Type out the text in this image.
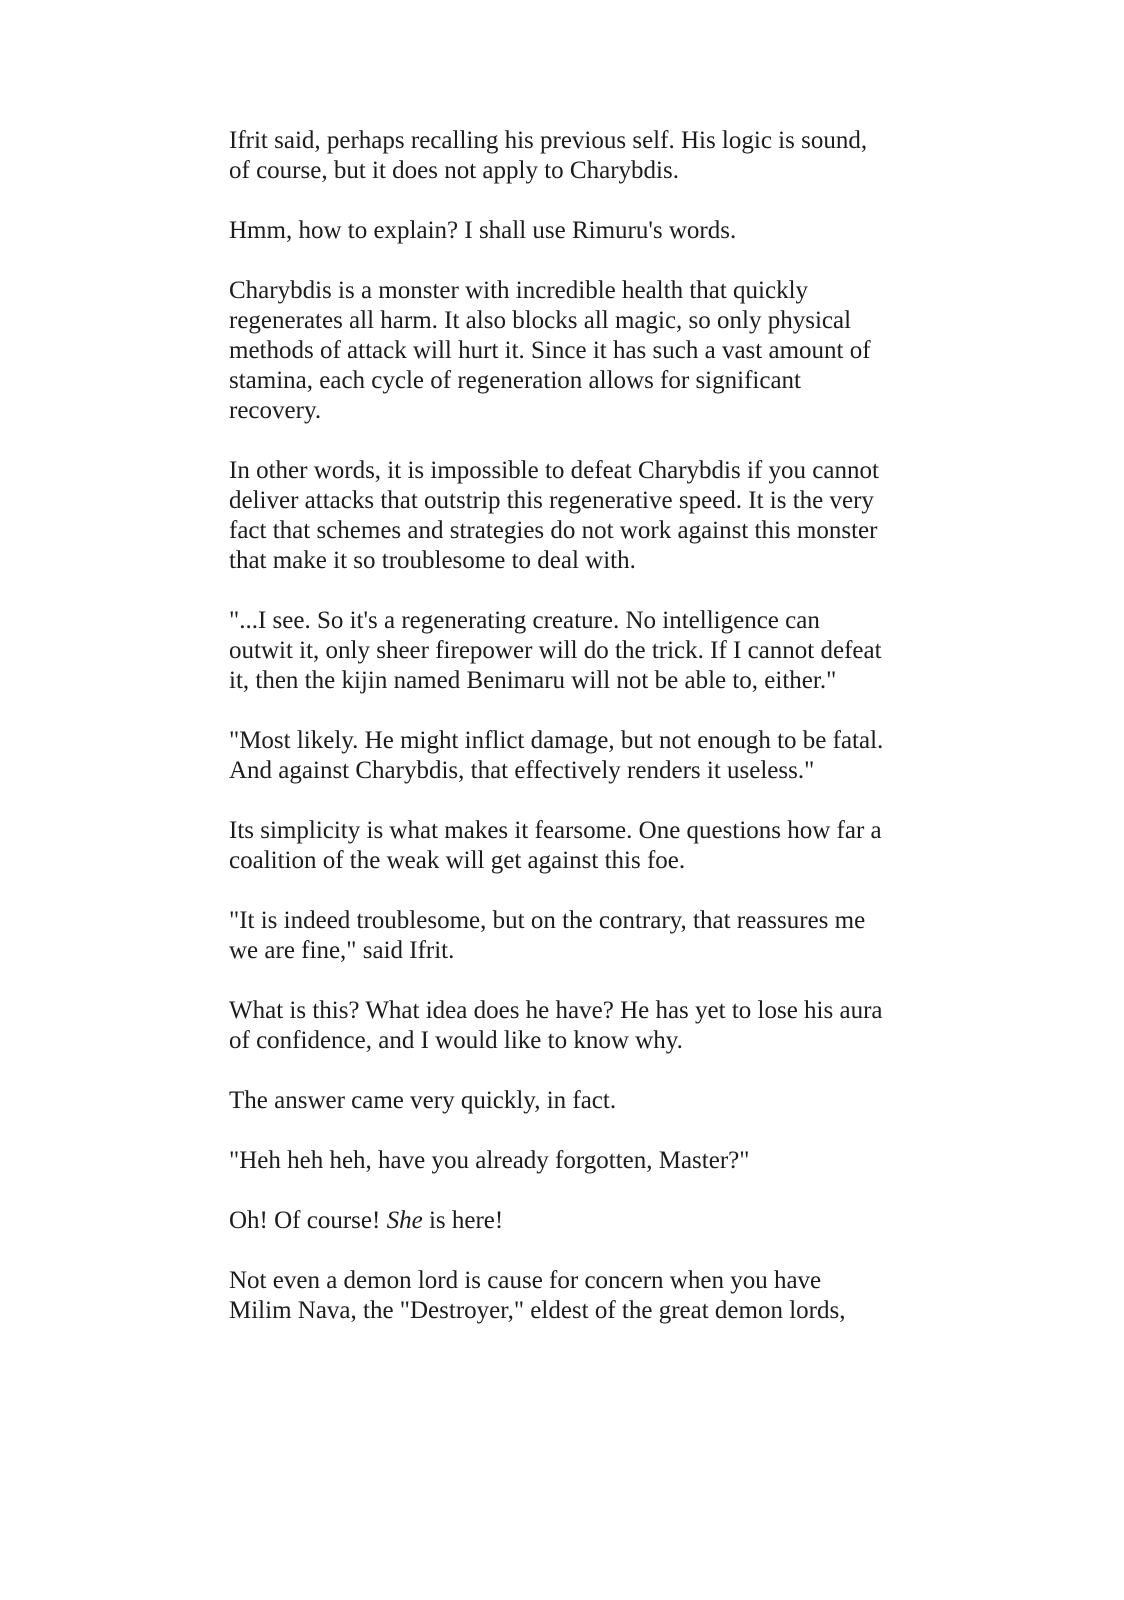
Ifrit said, perhaps recalling his previous self. His logic is sound, of course, but it does not apply to Charybdis.

Hmm, how to explain? I shall use Rimuru's words.

Charybdis is a monster with incredible health that quickly regenerates all harm. It also blocks all magic, so only physical methods of attack will hurt it. Since it has such a vast amount of stamina, each cycle of regeneration allows for significant recovery.

In other words, it is impossible to defeat Charybdis if you cannot deliver attacks that outstrip this regenerative speed. It is the very fact that schemes and strategies do not work against this monster that make it so troublesome to deal with.

"...I see. So it's a regenerating creature. No intelligence can outwit it, only sheer firepower will do the trick. If I cannot defeat it, then the kijin named Benimaru will not be able to, either."

"Most likely. He might inflict damage, but not enough to be fatal. And against Charybdis, that effectively renders it useless."

Its simplicity is what makes it fearsome. One questions how far a coalition of the weak will get against this foe.

"It is indeed troublesome, but on the contrary, that reassures me we are fine," said Ifrit.

What is this? What idea does he have? He has yet to lose his aura of confidence, and I would like to know why.

The answer came very quickly, in fact.

"Heh heh heh, have you already forgotten, Master?"

Oh! Of course! She is here!

Not even a demon lord is cause for concern when you have Milim Nava, the "Destroyer," eldest of the great demon lords,
